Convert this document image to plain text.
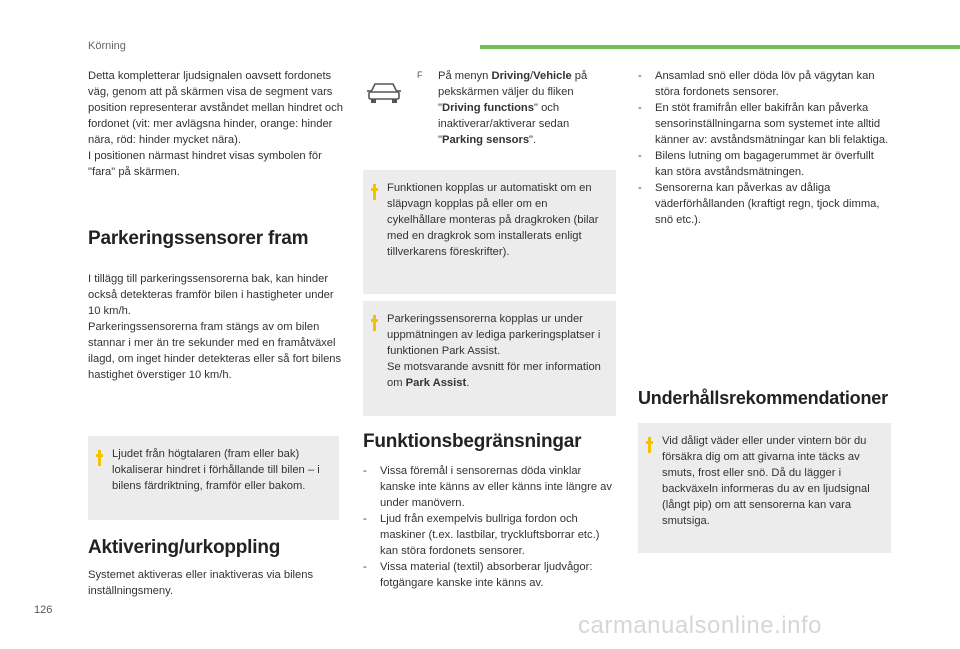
Körning

Detta kompletterar ljudsignalen oavsett fordonets väg, genom att på skärmen visa de segment vars position representerar avståndet mellan hindret och fordonet (vit: mer avlägsna hinder, orange: hinder nära, röd: hinder mycket nära).

I positionen närmast hindret visas symbolen för "fara" på skärmen.

Parkeringssensorer fram

I tillägg till parkeringssensorerna bak, kan hinder också detekteras framför bilen i hastigheter under 10 km/h.

Parkeringssensorerna fram stängs av om bilen stannar i mer än tre sekunder med en framåtväxel ilagd, om inget hinder detekteras eller så fort bilens hastighet överstiger 10 km/h.

Ljudet från högtalaren (fram eller bak) lokaliserar hindret i förhållande till bilen – i bilens färdriktning, framför eller bakom.

Aktivering/urkoppling
Systemet aktiveras eller inaktiveras via bilens inställningsmeny.
F På menyn Driving/Vehicle på pekskärmen väljer du fliken "Driving functions" och inaktiverar/aktiverar sedan "Parking sensors".

Funktionen kopplas ur automatiskt om en släpvagn kopplas på eller om en cykelhållare monteras på dragkroken (bilar med en dragkrok som installerats enligt tillverkarens föreskrifter).

Parkeringssensorerna kopplas ur under uppmätningen av lediga parkeringsplatser i funktionen Park Assist.

Se motsvarande avsnitt för mer information om Park Assist.

Funktionsbegränsningar
- Vissa föremål i sensorernas döda vinklar kanske inte känns av eller känns inte längre av under manövern.
- Ljud från exempelvis bullriga fordon och maskiner (t.ex. lastbilar, tryckluftsborrar etc.) kan störa fordonets sensorer.
- Vissa material (textil) absorberar ljudvågor: fotgängare kanske inte känns av.
- Ansamlad snö eller döda löv på vägytan kan störa fordonets sensorer.
- En stöt framifrån eller bakifrån kan påverka sensorinställningarna som systemet inte alltid känner av: avståndsmätningar kan bli felaktiga.
- Bilens lutning om bagagerummet är överfullt kan störa avståndsmätningen.
- Sensorerna kan påverkas av dåliga väderförhållanden (kraftigt regn, tjock dimma, snö etc.).
Underhållsrekommendationer

Vid dåligt väder eller under vintern bör du försäkra dig om att givarna inte täcks av smuts, frost eller snö. Då du lägger i backväxeln informeras du av en ljudsignal (långt pip) om att sensorerna kan vara smutsiga.

126
carmanualsonline.info
